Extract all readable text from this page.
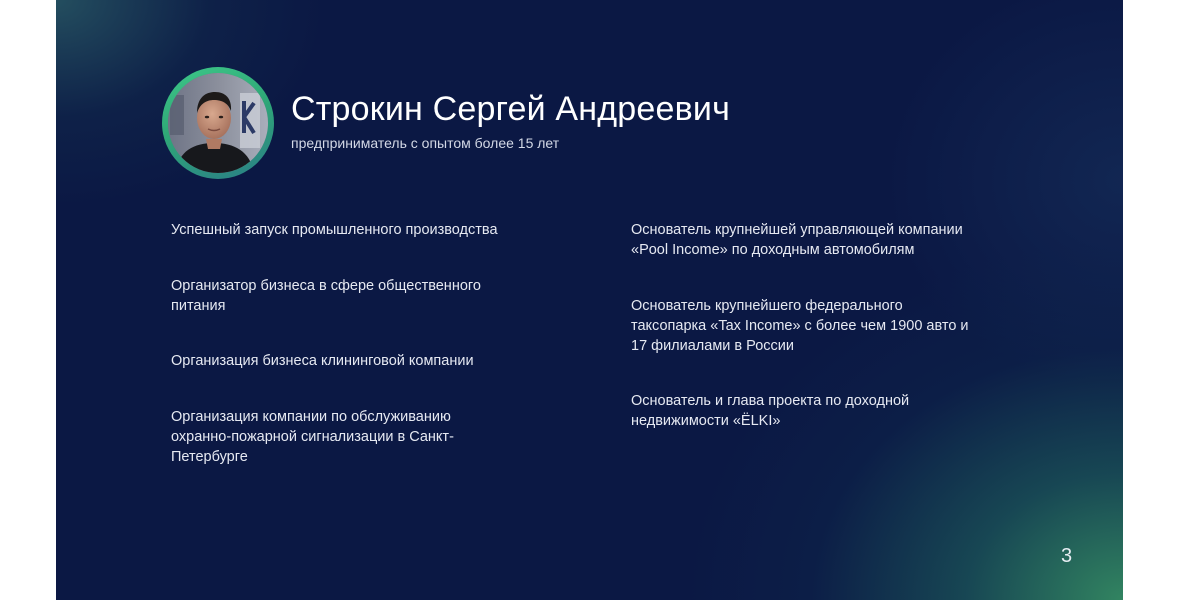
Строкин Сергей Андреевич

предприниматель с опытом более 15 лет

Успешный запуск промышленного производства

Организатор бизнеса в сфере общественного питания

Организация бизнеса клининговой компании

Организация компании по обслуживанию охранно-пожарной сигнализации в Санкт-Петербурге

Основатель крупнейшей управляющей компании «Pool Income» по доходным автомобилям

Основатель крупнейшего федерального таксопарка «Tax Income» с более чем 1900 авто и 17 филиалами в России

Основатель и глава проекта по доходной недвижимости «ЁLKI»

3
